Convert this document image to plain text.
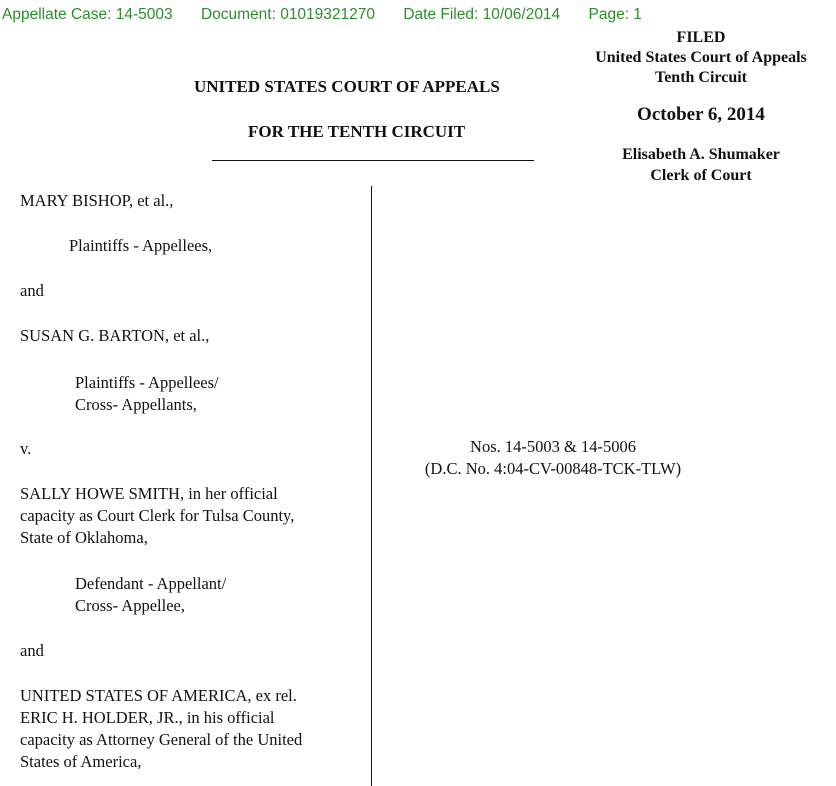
Appellate Case: 14-5003 Document: 01019321270 Date Filed: 10/06/2014 Page: 1
UNITED STATES COURT OF APPEALS
FOR THE TENTH CIRCUIT
FILED
United States Court of Appeals
Tenth Circuit
October 6, 2014
Elisabeth A. Shumaker
Clerk of Court
MARY BISHOP, et al.,
Plaintiffs - Appellees,
and
SUSAN G. BARTON, et al.,
Plaintiffs - Appellees/
Cross- Appellants,
v.
SALLY HOWE SMITH, in her official
capacity as Court Clerk for Tulsa County,
State of Oklahoma,
Defendant - Appellant/
Cross- Appellee,
and
UNITED STATES OF AMERICA, ex rel.
ERIC H. HOLDER, JR., in his official
capacity as Attorney General of the United
States of America,
Nos. 14-5003 & 14-5006
(D.C. No. 4:04-CV-00848-TCK-TLW)
